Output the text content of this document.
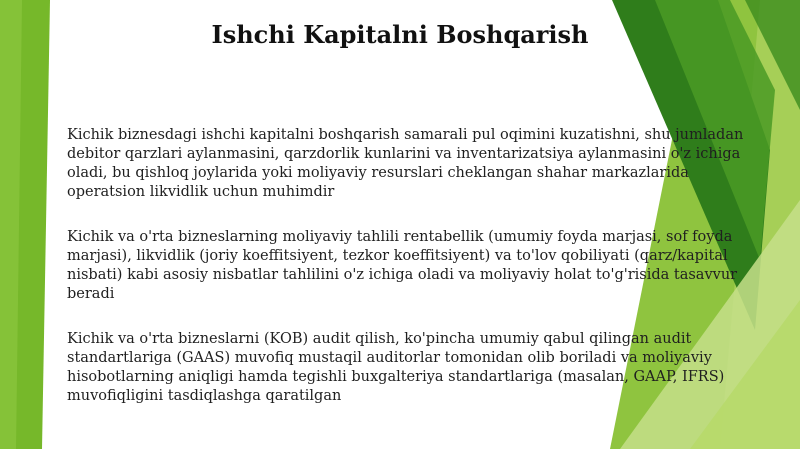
Ishchi Kapitalni Boshqarish

Kichik biznesdagi ishchi kapitalni boshqarish samarali pul oqimini kuzatishni, shu jumladan debitor qarzlari aylanmasini, qarzdorlik kunlarini va inventarizatsiya aylanmasini o'z ichiga oladi, bu qishloq joylarida yoki moliyaviy resurslari cheklangan shahar markazlarida operatsion likvidlik uchun muhimdir

Kichik va o'rta bizneslarning moliyaviy tahlili rentabellik (umumiy foyda marjasi, sof foyda marjasi), likvidlik (joriy koeffitsiyent, tezkor koeffitsiyent) va to'lov qobiliyati (qarz/kapital nisbati) kabi asosiy nisbatlar tahlilini o'z ichiga oladi va moliyaviy holat to'g'risida tasavvur beradi

Kichik va o'rta bizneslarni (KOB) audit qilish, ko'pincha umumiy qabul qilingan audit standartlariga (GAAS) muvofiq mustaqil auditorlar tomonidan olib boriladi va moliyaviy hisobotlarning aniqligi hamda tegishli buxgalteriya standartlariga (masalan, GAAP, IFRS) muvofiqligini tasdiqlashga qaratilgan
